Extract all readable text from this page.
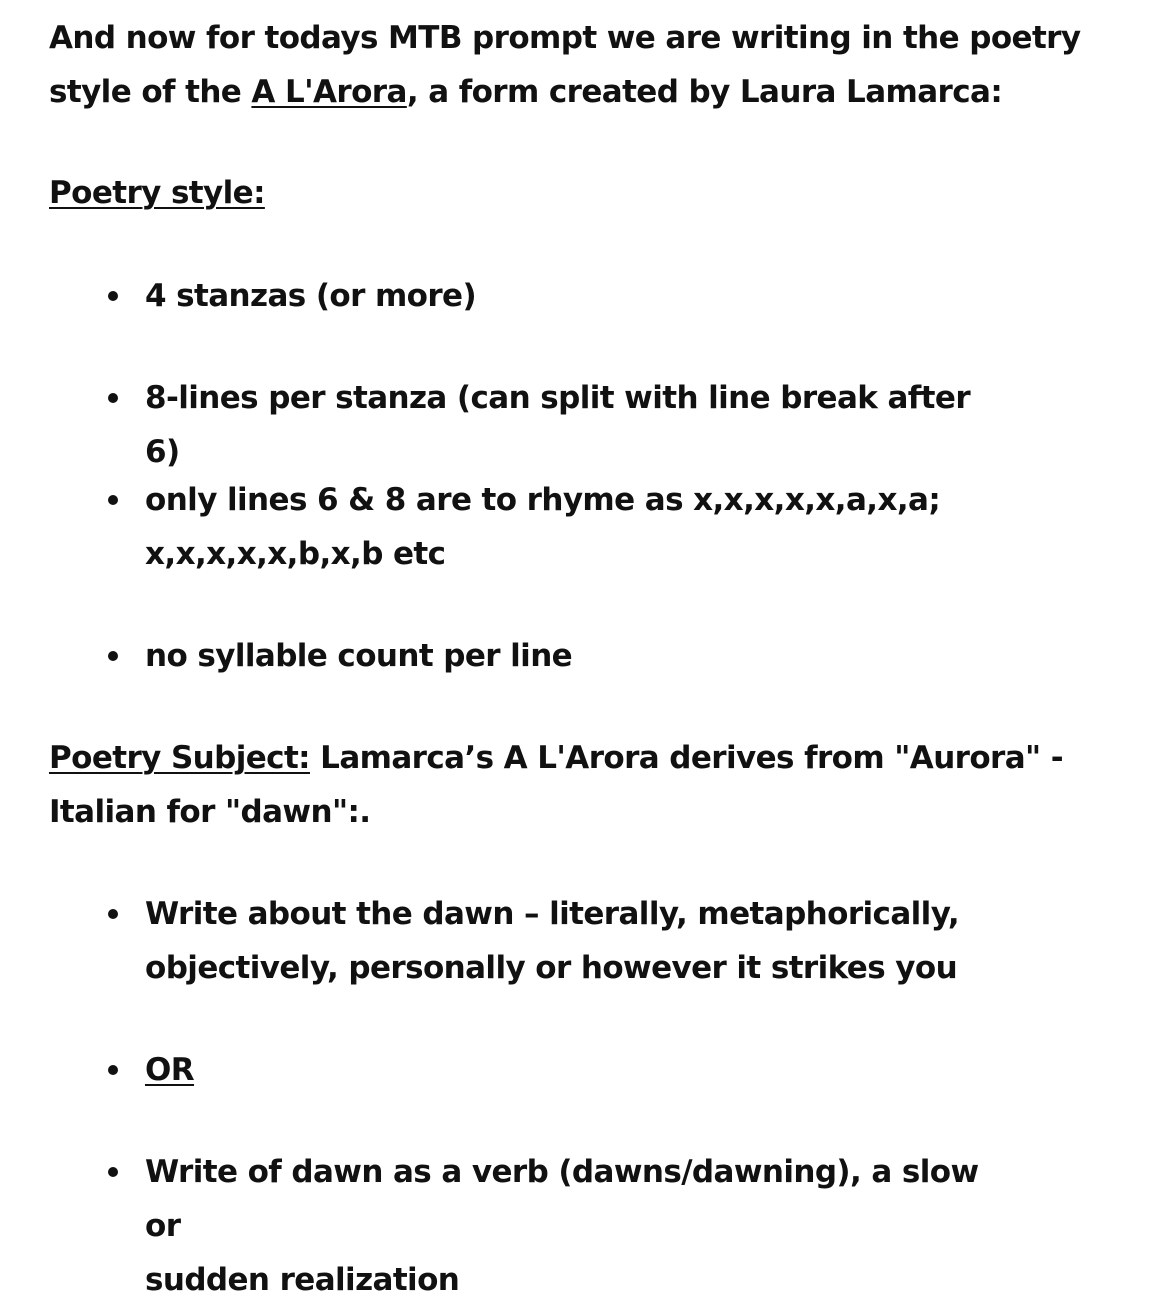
And now for todays MTB prompt we are writing in the poetry
style of the A L'Arora, a form created by Laura Lamarca:

Poetry style:

4 stanzas (or more)
8-lines per stanza (can split with line break after 6)
only lines 6 & 8 are to rhyme as x,x,x,x,x,a,x,a;
x,x,x,x,x,b,x,b etc
no syllable count per line

Poetry Subject: Lamarca’s A L'Arora derives from "Aurora" -
Italian for "dawn":.

Write about the dawn – literally, metaphorically,
objectively, personally or however it strikes you
OR
Write of dawn as a verb (dawns/dawning), a slow or
sudden realization
